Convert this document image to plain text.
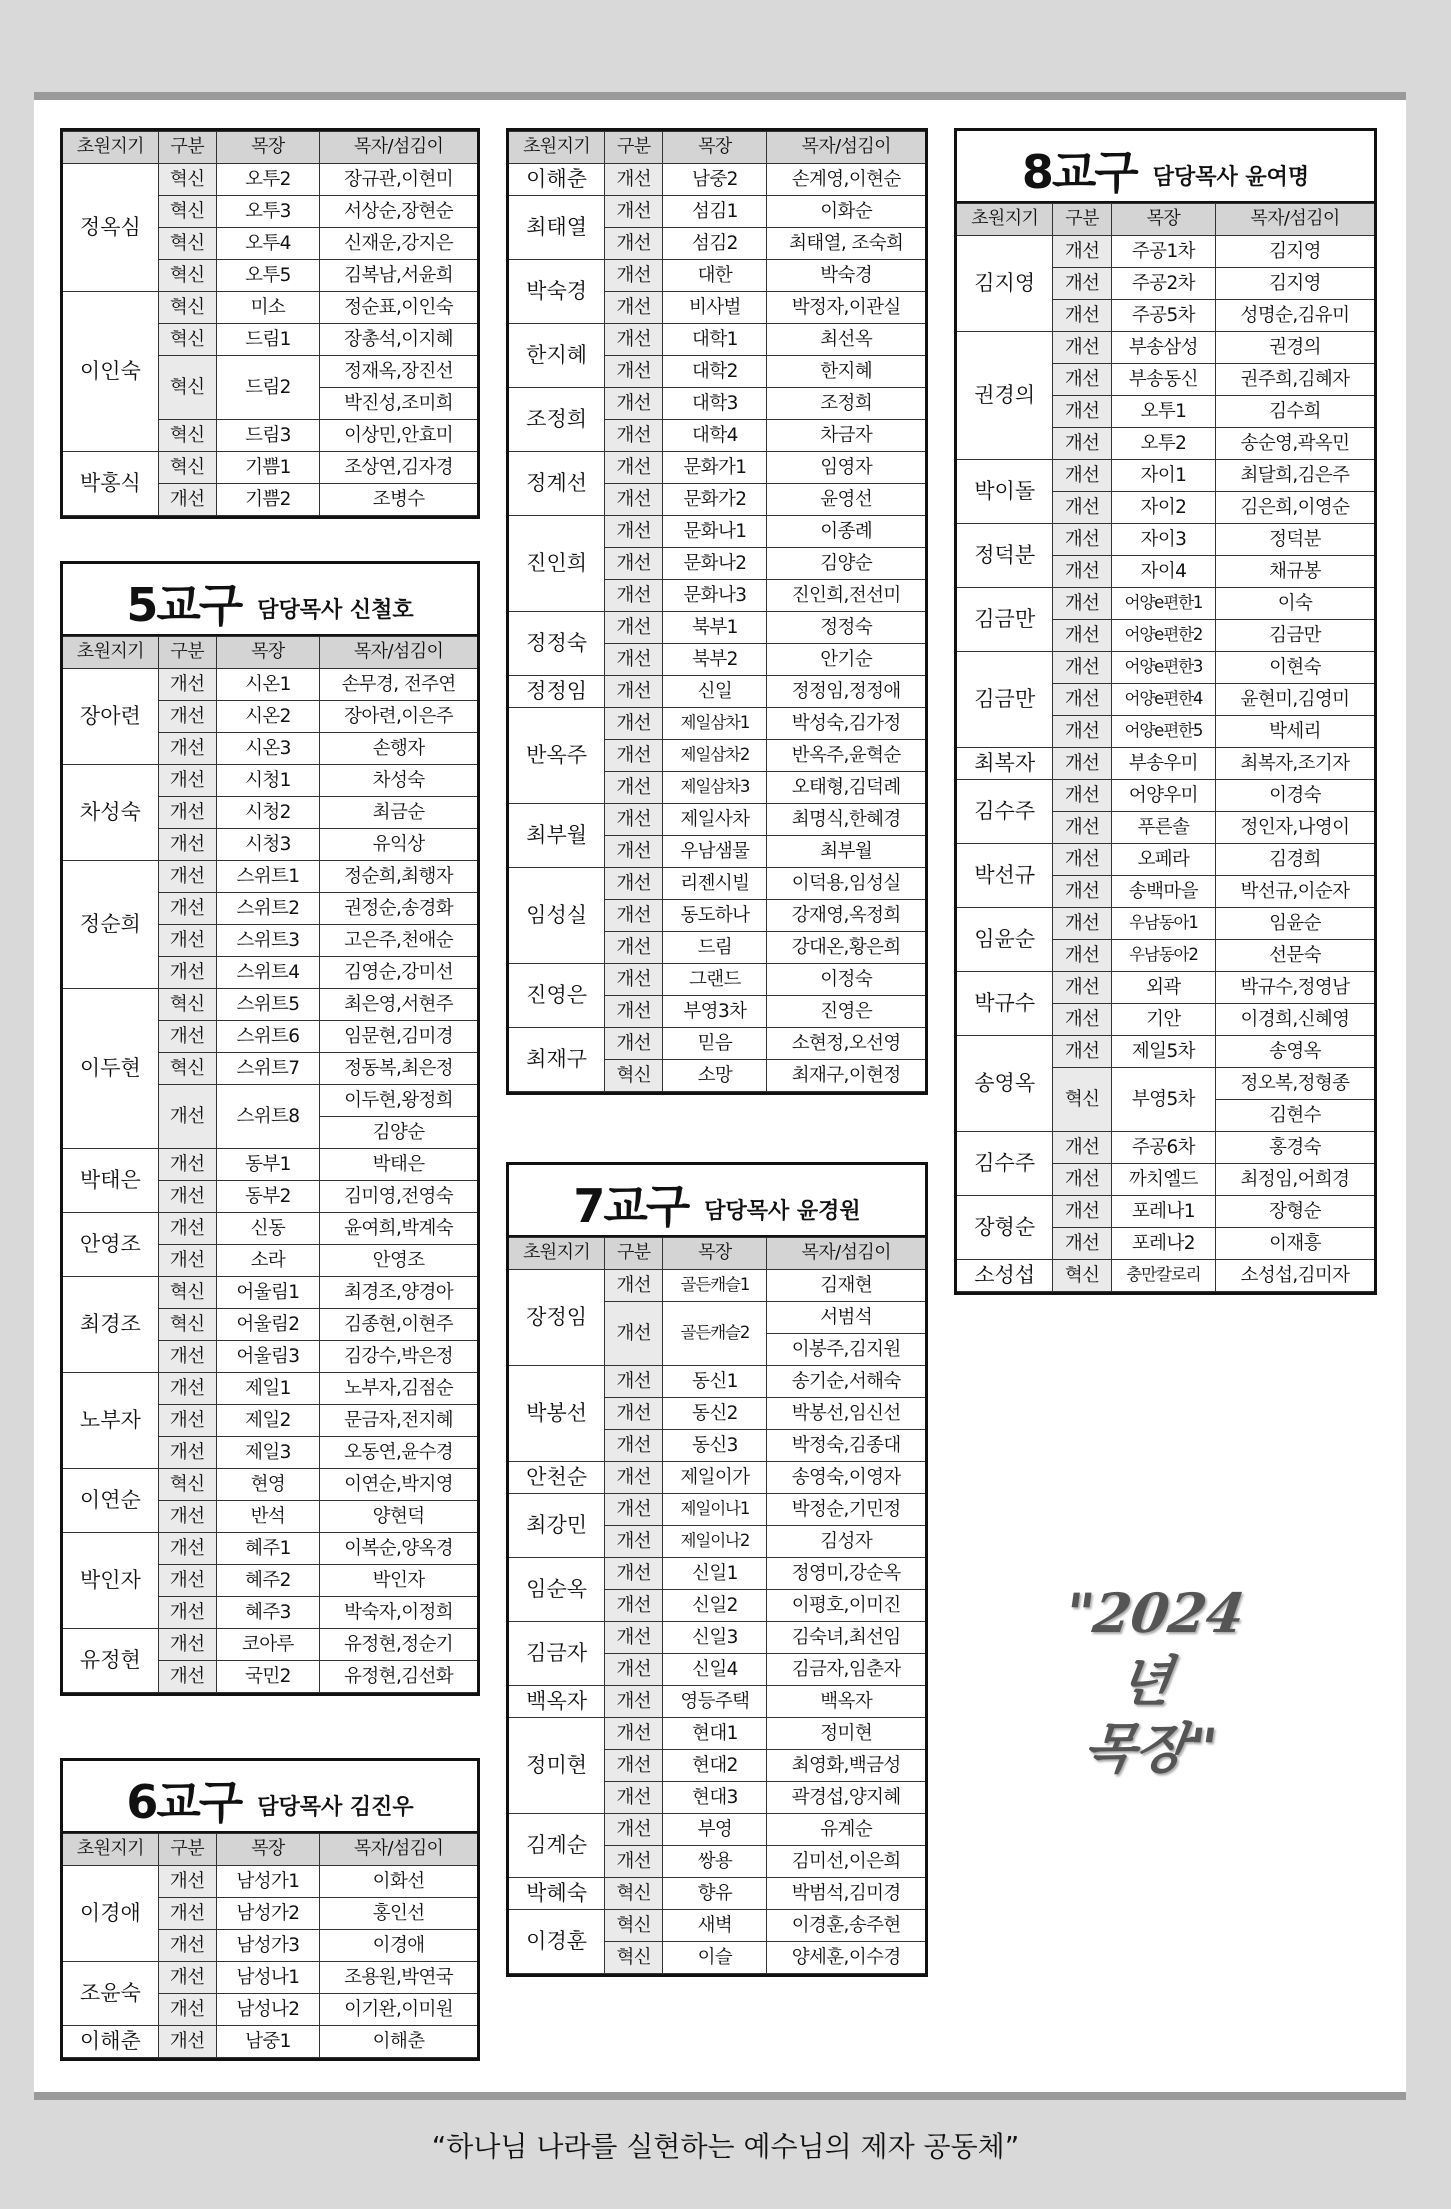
초원지기	구분	목장	목자/섬김이
정옥심	혁신	오투2	장규관,이현미
	혁신	오투3	서상순,장현순
	혁신	오투4	신재운,강지은
	혁신	오투5	김복남,서윤희
이인숙	혁신	미소	정순표,이인숙
	혁신	드림1	장총석,이지혜
	혁신	드림2	정재옥,장진선
			박진성,조미희
	혁신	드림3	이상민,안효미
박홍식	혁신	기쁨1	조상연,김자경
	개선	기쁨2	조병수
5교구 담당목사 신철호
초원지기	구분	목장	목자/섬김이
장아련	개선	시온1	손무경, 전주연
	개선	시온2	장아련,이은주
	개선	시온3	손행자
차성숙	개선	시청1	차성숙
	개선	시청2	최금순
	개선	시청3	유익상
정순희	개선	스위트1	정순희,최행자
	개선	스위트2	권정순,송경화
	개선	스위트3	고은주,천애순
	개선	스위트4	김영순,강미선
이두현	혁신	스위트5	최은영,서현주
	개선	스위트6	임문현,김미경
	혁신	스위트7	정동복,최은정
	개선	스위트8	이두현,왕정희
			김양순
박태은	개선	동부1	박태은
	개선	동부2	김미영,전영숙
안영조	개선	신동	윤여희,박계숙
	개선	소라	안영조
최경조	혁신	어울림1	최경조,양경아
	혁신	어울림2	김종현,이현주
	개선	어울림3	김강수,박은정
노부자	개선	제일1	노부자,김점순
	개선	제일2	문금자,전지혜
	개선	제일3	오동연,윤수경
이연순	혁신	현영	이연순,박지영
	개선	반석	양현덕
박인자	개선	혜주1	이복순,양옥경
	개선	혜주2	박인자
	개선	혜주3	박숙자,이정희
유정현	개선	코아루	유정현,정순기
	개선	국민2	유정현,김선화
6교구 담당목사 김진우
초원지기	구분	목장	목자/섬김이
이경애	개선	남성가1	이화선
	개선	남성가2	홍인선
	개선	남성가3	이경애
조윤숙	개선	남성나1	조용원,박연국
	개선	남성나2	이기완,이미원
이해춘	개선	남중1	이해춘
초원지기	구분	목장	목자/섬김이
이해춘	개선	남중2	손계영,이현순
최태열	개선	섬김1	이화순
	개선	섬김2	최태열, 조숙희
박숙경	개선	대한	박숙경
	개선	비사벌	박정자,이관실
한지혜	개선	대학1	최선옥
	개선	대학2	한지혜
조정희	개선	대학3	조정희
	개선	대학4	차금자
정계선	개선	문화가1	임영자
	개선	문화가2	윤영선
진인희	개선	문화나1	이종례
	개선	문화나2	김양순
	개선	문화나3	진인희,전선미
정정숙	개선	북부1	정정숙
	개선	북부2	안기순
정정임	개선	신일	정정임,정정애
반옥주	개선	제일삼차1	박성숙,김가정
	개선	제일삼차2	반옥주,윤혁순
	개선	제일삼차3	오태형,김덕례
최부월	개선	제일사차	최명식,한혜경
	개선	우남샘물	최부월
임성실	개선	리젠시빌	이덕용,임성실
	개선	동도하나	강재영,옥정희
	개선	드림	강대온,황은희
진영은	개선	그랜드	이정숙
	개선	부영3차	진영은
최재구	개선	믿음	소현정,오선영
	혁신	소망	최재구,이현정
7교구 담당목사 윤경원
초원지기	구분	목장	목자/섬김이
장정임	개선	골든캐슬1	김재현
	개선	골든캐슬2	서범석
			이봉주,김지원
박봉선	개선	동신1	송기순,서해숙
	개선	동신2	박봉선,임신선
	개선	동신3	박정숙,김종대
안천순	개선	제일이가	송영숙,이영자
최강민	개선	제일이나1	박정순,기민정
	개선	제일이나2	김성자
임순옥	개선	신일1	정영미,강순옥
	개선	신일2	이평호,이미진
김금자	개선	신일3	김숙녀,최선임
	개선	신일4	김금자,임춘자
백옥자	개선	영등주택	백옥자
정미현	개선	현대1	정미현
	개선	현대2	최영화,백금성
	개선	현대3	곽경섭,양지혜
김계순	개선	부영	유계순
	개선	쌍용	김미선,이은희
박혜숙	혁신	향유	박범석,김미경
이경훈	혁신	새벽	이경훈,송주현
	혁신	이슬	양세훈,이수경
8교구 담당목사 윤여명
초원지기	구분	목장	목자/섬김이
김지영	개선	주공1차	김지영
	개선	주공2차	김지영
	개선	주공5차	성명순,김유미
권경의	개선	부송삼성	권경의
	개선	부송동신	권주희,김혜자
	개선	오투1	김수희
	개선	오투2	송순영,곽옥민
박이돌	개선	자이1	최달희,김은주
	개선	자이2	김은희,이영순
정덕분	개선	자이3	정덕분
	개선	자이4	채규봉
김금만	개선	어양e편한1	이숙
	개선	어양e편한2	김금만
김금만	개선	어양e편한3	이현숙
	개선	어양e편한4	윤현미,김영미
	개선	어양e편한5	박세리
최복자	개선	부송우미	최복자,조기자
김수주	개선	어양우미	이경숙
	개선	푸른솔	정인자,나영이
박선규	개선	오페라	김경희
	개선	송백마을	박선규,이순자
임윤순	개선	우남동아1	임윤순
	개선	우남동아2	선문숙
박규수	개선	외곽	박규수,정영남
	개선	기안	이경희,신혜영
송영옥	개선	제일5차	송영옥
	혁신	부영5차	정오복,정형종
			김현수
김수주	개선	주공6차	홍경숙
	개선	까치엘드	최정임,어희경
장형순	개선	포레나1	장형순
	개선	포레나2	이재흥
소성섭	혁신	충만칼로리	소성섭,김미자
"2024년
목장"
“하나님 나라를 실현하는 예수님의 제자 공동체”
